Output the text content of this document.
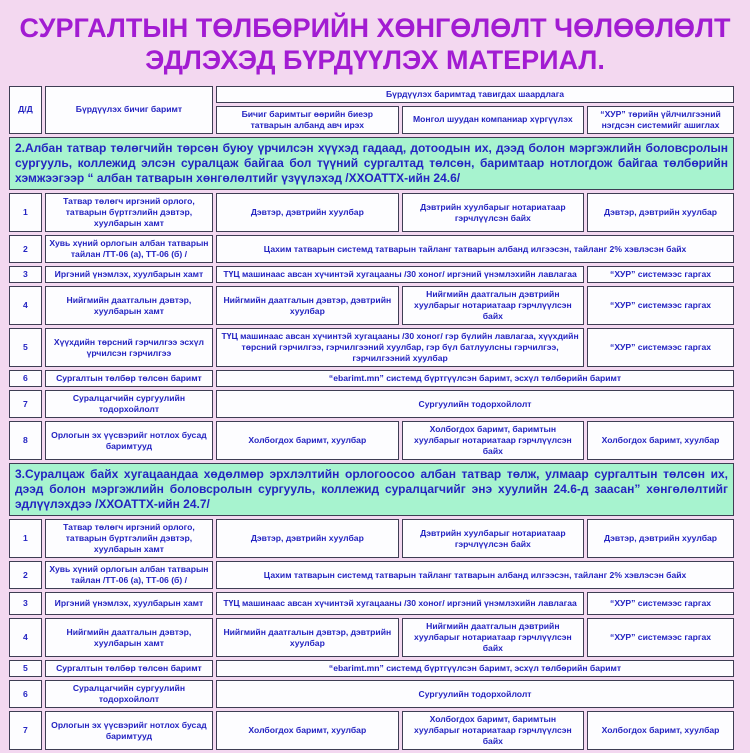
СУРГАЛТЫН ТӨЛБӨРИЙН ХӨНГӨЛӨЛТ ЧӨЛӨӨЛӨЛТ
ЭДЛЭХЭД БҮРДҮҮЛЭХ МАТЕРИАЛ.
Д/Д	Бүрдүүлэх бичиг баримт	Бүрдүүлэх баримтад тавигдах шаардлага		
		Бичиг баримтыг өөрийн биеэр татварын албанд авч ирэх	Монгол шуудан компаниар хүргүүлэх	“ХУР” төрийн үйлчилгээний нэгдсэн системийг ашиглах
2.Албан татвар төлөгчийн төрсөн буюу үрчилсэн хүүхэд гадаад, дотоодын их, дээд болон мэргэжлийн боловсролын сургууль, коллежид элсэн суралцаж байгаа бол түүний сургалтад төлсөн, баримтаар нотлогдож байгаа төлбөрийн хэмжээгээр “ албан татварын хөнгөлөлтийг үзүүлэхэд /ХХОАТТХ-ийн 24.6/				
1	Татвар төлөгч иргэний орлого, татварын бүртгэлийн дэвтэр, хуулбарын хамт	Дэвтэр, дэвтрийн хуулбар	Дэвтрийн хуулбарыг нотариатаар гэрчлүүлсэн байх	Дэвтэр, дэвтрийн хуулбар
2	Хувь хүний орлогын албан татварын тайлан /ТТ-06 (а), ТТ-06 (б) /	Цахим татварын системд татварын тайланг татварын албанд илгээсэн, тайланг 2% хэвлэсэн байх		
3	Иргэний үнэмлэх, хуулбарын хамт	ТҮЦ машинаас авсан хүчинтэй хугацааны /30 хоног/ иргэний үнэмлэхийн лавлагаа		“ХУР” системээс гаргах
4	Нийгмийн даатгалын дэвтэр, хуулбарын хамт	Нийгмийн даатгалын дэвтэр, дэвтрийн хуулбар	Нийгмийн даатгалын дэвтрийн хуулбарыг нотариатаар гэрчлүүлсэн байх	“ХУР” системээс гаргах
5	Хүүхдийн төрсний гэрчилгээ эсхүл үрчилсэн гэрчилгээ	ТҮЦ машинаас авсан хүчинтэй хугацааны /30 хоног/ гэр бүлийн лавлагаа, хүүхдийн төрсний гэрчилгээ, гэрчилгээний хуулбар, гэр бүл батлуулсны гэрчилгээ, гэрчилгээний хуулбар		“ХУР” системээс гаргах
6	Сургалтын төлбөр төлсөн баримт	“ebarimt.mn” системд бүртгүүлсэн баримт, эсхүл төлбөрийн баримт		
7	Суралцагчийн сургуулийн тодорхойлолт	Сургуулийн тодорхойлолт		
8	Орлогын эх үүсвэрийг нотлох бусад баримтууд	Холбогдох баримт, хуулбар	Холбогдох баримт, баримтын хуулбарыг нотариатаар гэрчлүүлсэн байх	Холбогдох баримт, хуулбар
3.Суралцаж байх хугацаандаа хөдөлмөр эрхлэлтийн орлогоосоо албан татвар төлж, улмаар сургалтын төлсөн их, дээд болон мэргэжлийн боловсролын сургууль, коллежид суралцагчийг энэ хуулийн 24.6-д заасан” хөнгөлөлтийг эдлүүлэхдээ /ХХОАТТХ-ийн 24.7/				
1	Татвар төлөгч иргэний орлого, татварын бүртгэлийн дэвтэр, хуулбарын хамт	Дэвтэр, дэвтрийн хуулбар	Дэвтрийн хуулбарыг нотариатаар гэрчлүүлсэн байх	Дэвтэр, дэвтрийн хуулбар
2	Хувь хүний орлогын албан татварын тайлан /ТТ-06 (а), ТТ-06 (б) /	Цахим татварын системд татварын тайланг татварын албанд илгээсэн, тайланг 2% хэвлэсэн байх		
3	Иргэний үнэмлэх, хуулбарын хамт	ТҮЦ машинаас авсан хүчинтэй хугацааны /30 хоног/ иргэний үнэмлэхийн лавлагаа		“ХУР” системээс гаргах
4	Нийгмийн даатгалын дэвтэр, хуулбарын хамт	Нийгмийн даатгалын дэвтэр, дэвтрийн хуулбар	Нийгмийн даатгалын дэвтрийн хуулбарыг нотариатаар гэрчлүүлсэн байх	“ХУР” системээс гаргах
5	Сургалтын төлбөр төлсөн баримт	“ebarimt.mn” системд бүртгүүлсэн баримт, эсхүл төлбөрийн баримт		
6	Суралцагчийн сургуулийн тодорхойлолт	Сургуулийн тодорхойлолт		
7	Орлогын эх үүсвэрийг нотлох бусад баримтууд	Холбогдох баримт, хуулбар	Холбогдох баримт, баримтын хуулбарыг нотариатаар гэрчлүүлсэн байх	Холбогдох баримт, хуулбар
